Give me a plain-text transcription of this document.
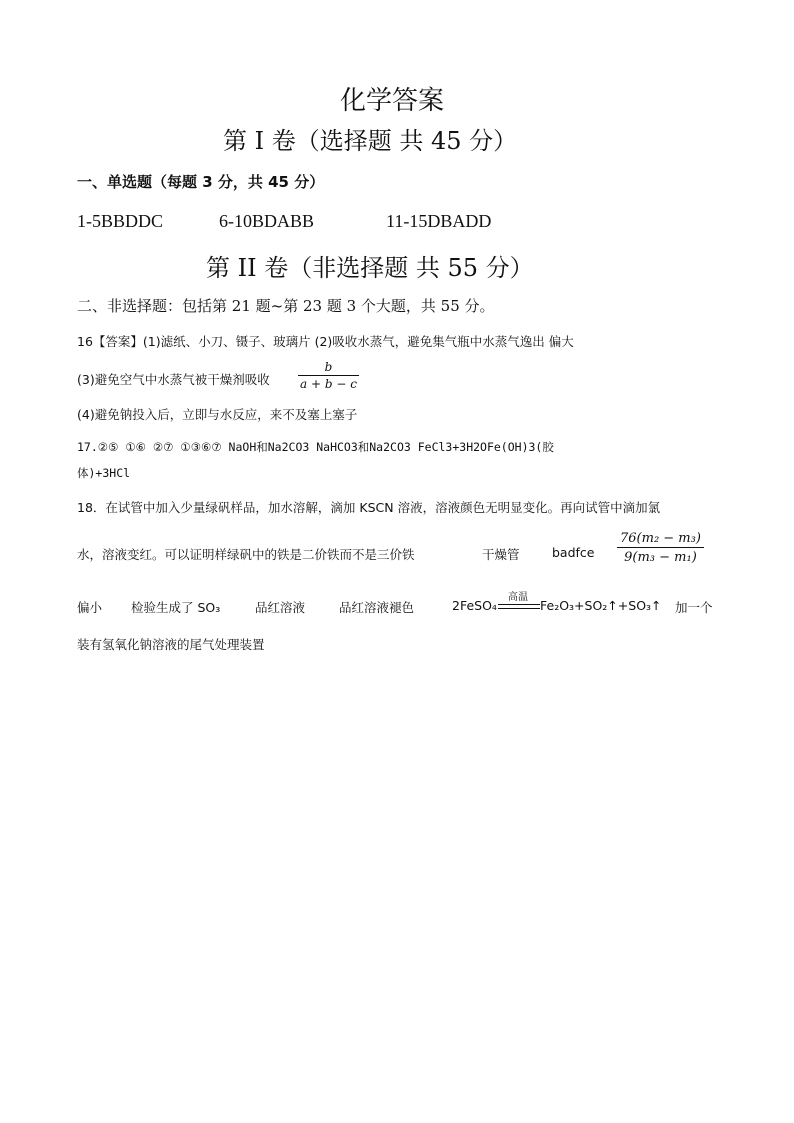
化学答案
第 I 卷（选择题 共 45 分）
一、单选题（每题 3 分，共 45 分）
1-5BBDDC	6-10BDABB	11-15DBADD
第 II 卷（非选择题 共 55 分）
二、非选择题：包括第 21 题~第 23 题 3 个大题，共 55 分。
16【答案】(1)滤纸、小刀、镊子、玻璃片 (2)吸收水蒸气，避免集气瓶中水蒸气逸出 偏大
(3)避免空气中水蒸气被干燥剂吸收 $\frac{b}{a + b - c}$
(4)避免钠投入后，立即与水反应，来不及塞上塞子
17.②⑤ ①⑥ ②⑦ ①③⑥⑦ NaOH和Na2CO3 NaHCO3和Na2CO3 FeCl3+3H2OFe(OH)3(胶
体)+3HCl
18．在试管中加入少量绿矾样品，加水溶解，滴加 KSCN 溶液，溶液颜色无明显变化。再向试管中滴加氯
水，溶液变红。可以证明样绿矾中的铁是二价铁而不是三价铁	干燥管	badfce $\frac{\text{76(m₂ − m₃)}}{\text{9(m₃ − m₁)}}$
偏小 检验生成了 SO₃	品红溶液	品红溶液褪色	2FeSO₄
高温
Fe₂O₃+SO₂↑+SO₃↑ 加一个
装有氢氧化钠溶液的尾气处理装置
